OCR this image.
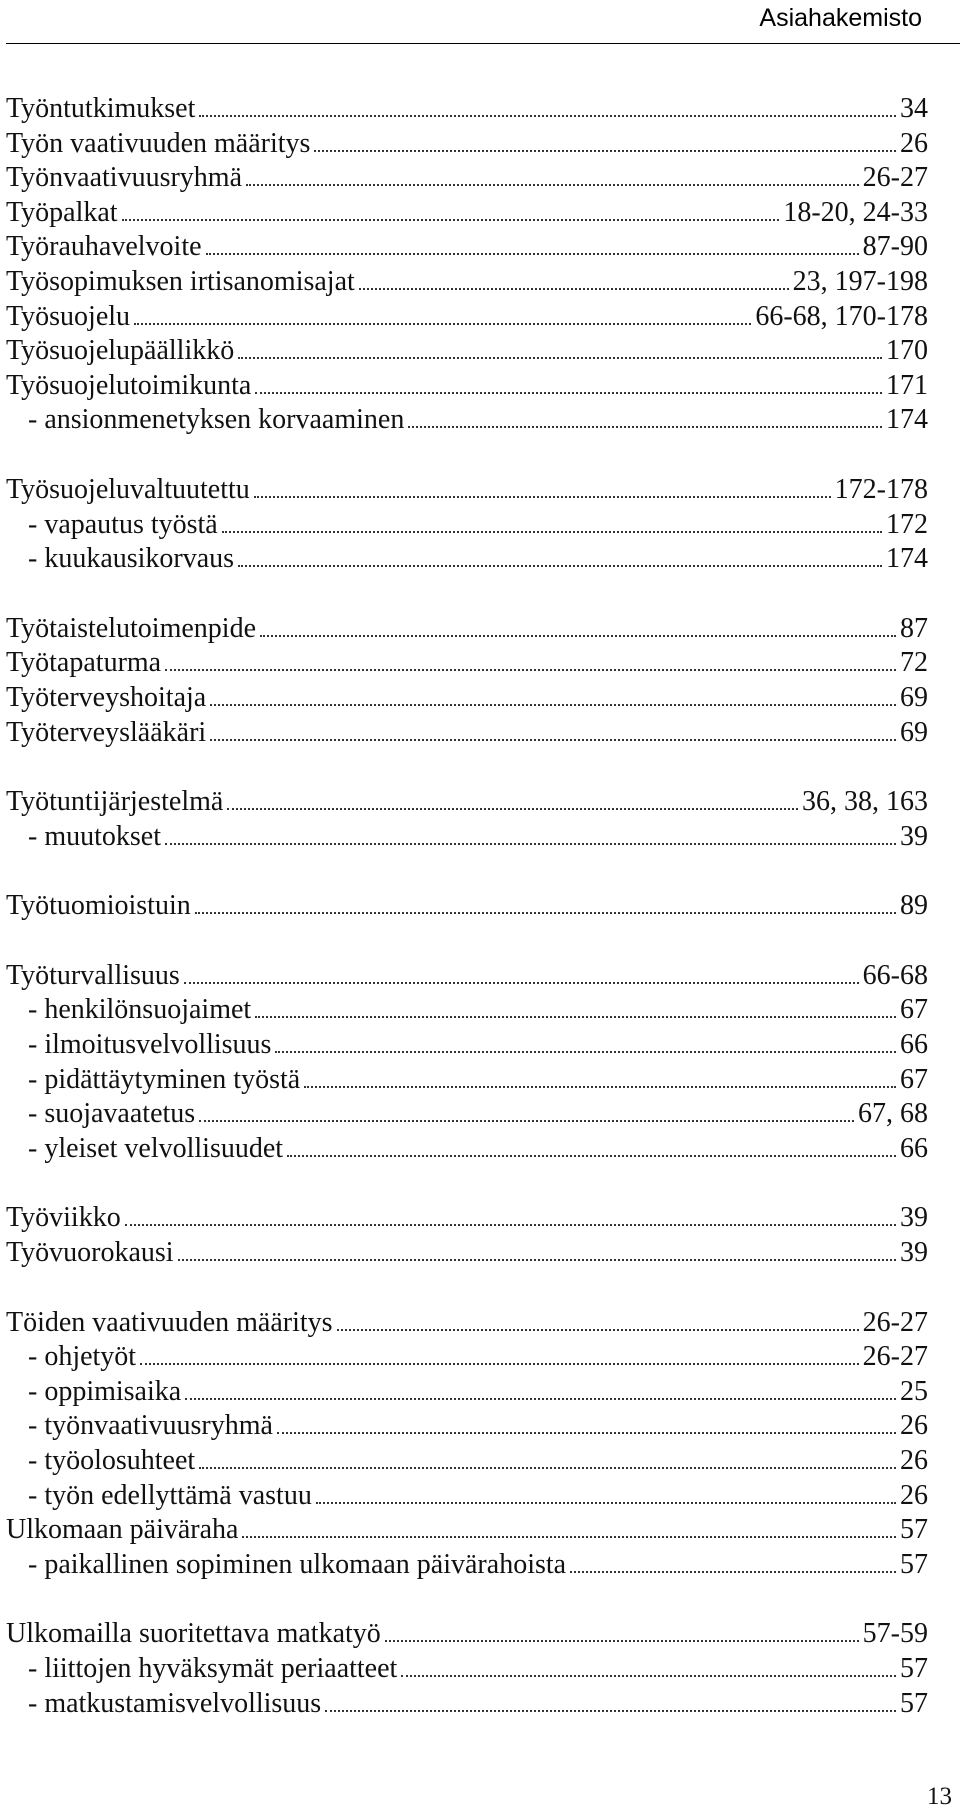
Asiahakemisto
Työntutkimukset	34
Työn vaativuuden määritys	26
Työnvaativuusryhmä	26-27
Työpalkat	18-20, 24-33
Työrauhavelvoite	87-90
Työsopimuksen irtisanomisajat	23, 197-198
Työsuojelu	66-68, 170-178
Työsuojelupäällikkö	170
Työsuojelutoimikunta	171
- ansionmenetyksen korvaaminen	174
Työsuojeluvaltuutettu	172-178
- vapautus työstä	172
- kuukausikorvaus	174
Työtaistelutoimenpide	87
Työtapaturma	72
Työterveyshoitaja	69
Työterveyslääkäri	69
Työtuntijärjestelmä	36, 38, 163
- muutokset	39
Työtuomioistuin	89
Työturvallisuus	66-68
- henkilönsuojaimet	67
- ilmoitusvelvollisuus	66
- pidättäytyminen työstä	67
- suojavaatetus	67, 68
- yleiset velvollisuudet	66
Työviikko	39
Työvuorokausi	39
Töiden vaativuuden määritys	26-27
- ohjetyöt	26-27
- oppimisaika	25
- työnvaativuusryhmä	26
- työolosuhteet	26
- työn edellyttämä vastuu	26
Ulkomaan päiväraha	57
- paikallinen sopiminen ulkomaan päivärahoista	57
Ulkomailla suoritettava matkatyö	57-59
- liittojen hyväksymät periaatteet	57
- matkustamisvelvollisuus	57
13
